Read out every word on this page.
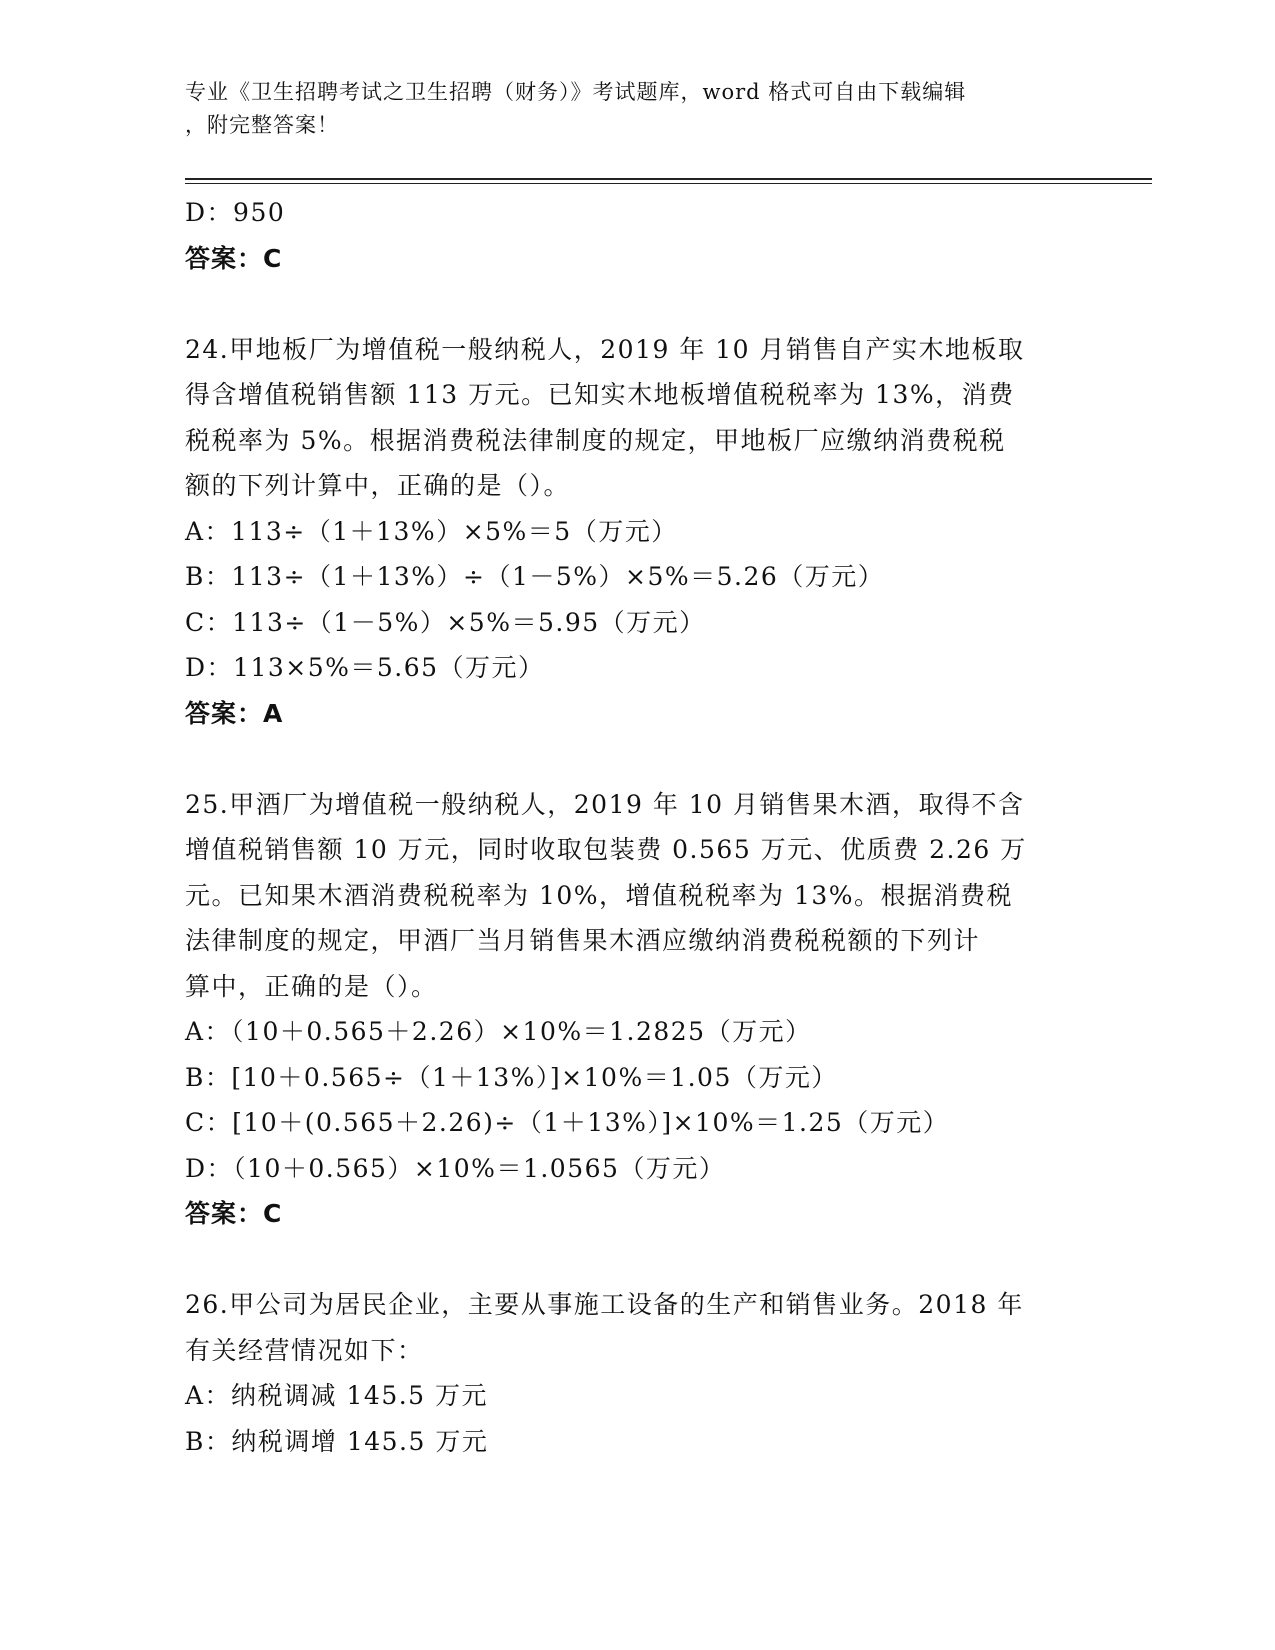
专业《卫生招聘考试之卫生招聘（财务）》考试题库，word 格式可自由下载编辑
，附完整答案！
D：950
答案：C
24.甲地板厂为增值税一般纳税人，2019 年 10 月销售自产实木地板取
得含增值税销售额 113 万元。已知实木地板增值税税率为 13%，消费
税税率为 5%。根据消费税法律制度的规定，甲地板厂应缴纳消费税税
额的下列计算中，正确的是（）。
A：113÷（1＋13%）×5%＝5（万元）
B：113÷（1＋13%）÷（1－5%）×5%＝5.26（万元）
C：113÷（1－5%）×5%＝5.95（万元）
D：113×5%＝5.65（万元）
答案：A
25.甲酒厂为增值税一般纳税人，2019 年 10 月销售果木酒，取得不含
增值税销售额 10 万元，同时收取包装费 0.565 万元、优质费 2.26 万
元。已知果木酒消费税税率为 10%，增值税税率为 13%。根据消费税
法律制度的规定，甲酒厂当月销售果木酒应缴纳消费税税额的下列计
算中，正确的是（）。
A：（10＋0.565＋2.26）×10%＝1.2825（万元）
B：[10＋0.565÷（1＋13%）]×10%＝1.05（万元）
C：[10＋(0.565＋2.26)÷（1＋13%）]×10%＝1.25（万元）
D：（10＋0.565）×10%＝1.0565（万元）
答案：C
26.甲公司为居民企业，主要从事施工设备的生产和销售业务。2018 年
有关经营情况如下：
A：纳税调减 145.5 万元
B：纳税调增 145.5 万元
